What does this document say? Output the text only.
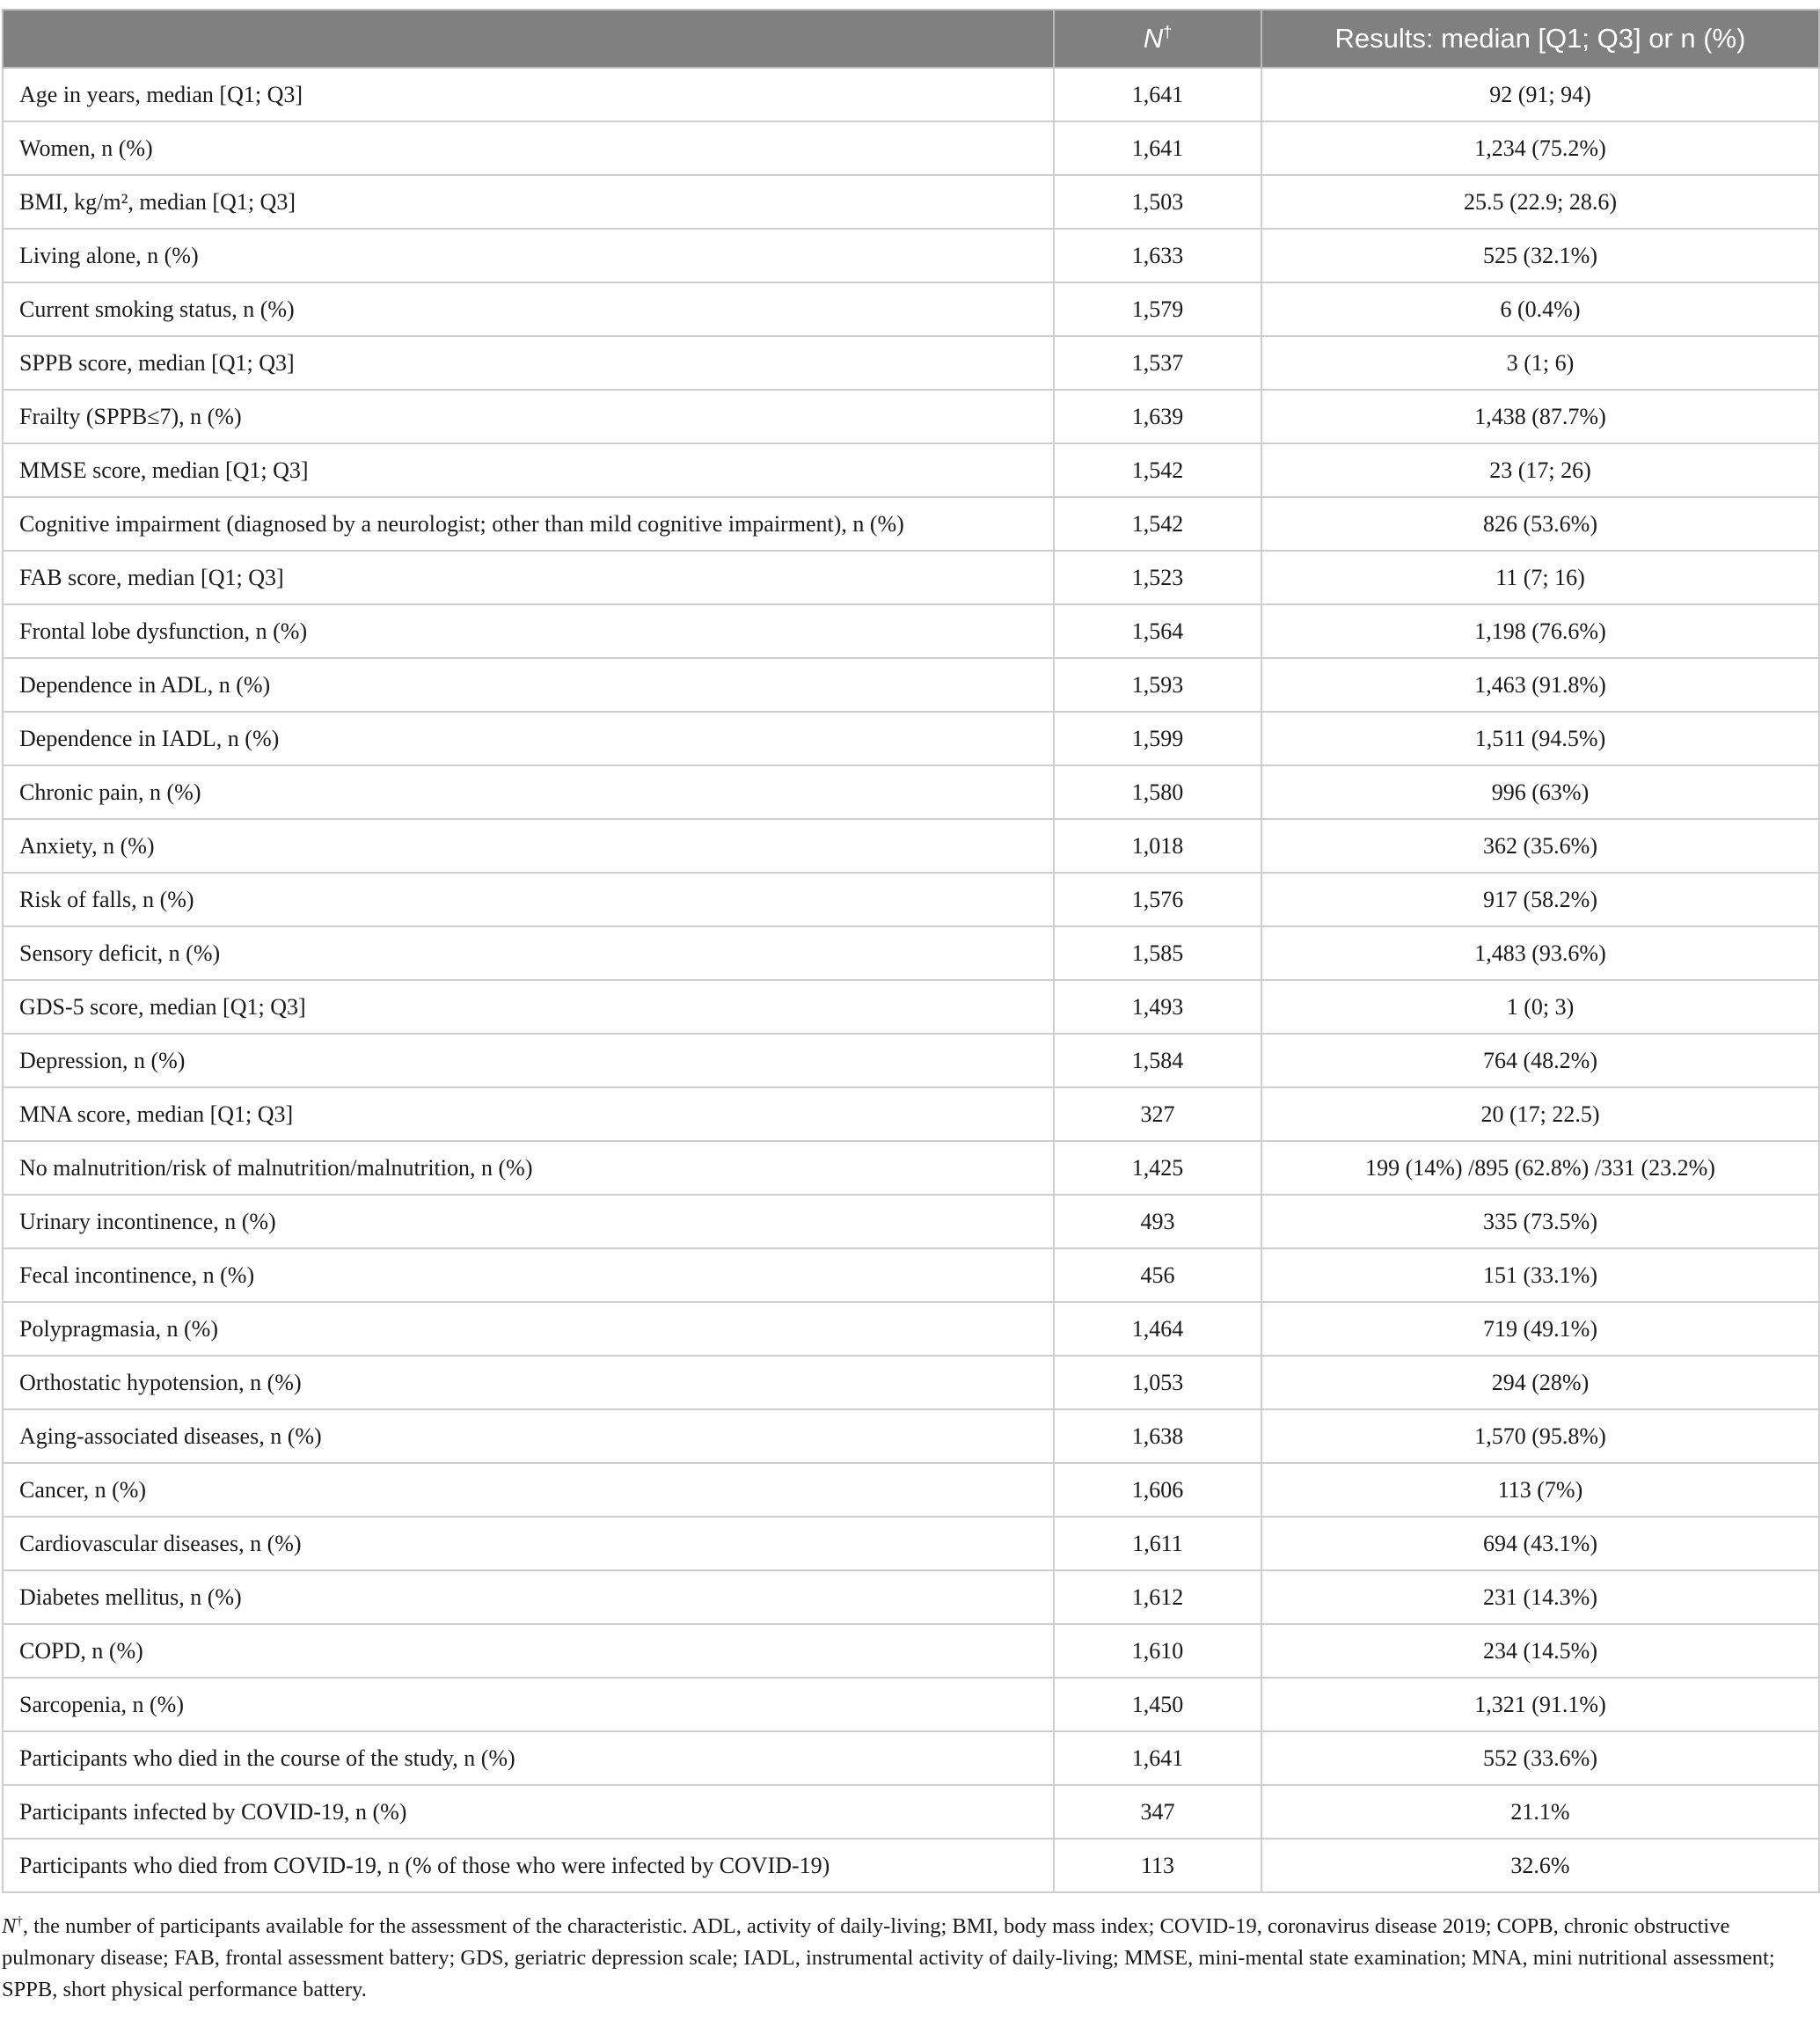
	N†	Results: median [Q1; Q3] or n (%)
Age in years, median [Q1; Q3]	1,641	92 (91; 94)
Women, n (%)	1,641	1,234 (75.2%)
BMI, kg/m², median [Q1; Q3]	1,503	25.5 (22.9; 28.6)
Living alone, n (%)	1,633	525 (32.1%)
Current smoking status, n (%)	1,579	6 (0.4%)
SPPB score, median [Q1; Q3]	1,537	3 (1; 6)
Frailty (SPPB≤7), n (%)	1,639	1,438 (87.7%)
MMSE score, median [Q1; Q3]	1,542	23 (17; 26)
Cognitive impairment (diagnosed by a neurologist; other than mild cognitive impairment), n (%)	1,542	826 (53.6%)
FAB score, median [Q1; Q3]	1,523	11 (7; 16)
Frontal lobe dysfunction, n (%)	1,564	1,198 (76.6%)
Dependence in ADL, n (%)	1,593	1,463 (91.8%)
Dependence in IADL, n (%)	1,599	1,511 (94.5%)
Chronic pain, n (%)	1,580	996 (63%)
Anxiety, n (%)	1,018	362 (35.6%)
Risk of falls, n (%)	1,576	917 (58.2%)
Sensory deficit, n (%)	1,585	1,483 (93.6%)
GDS-5 score, median [Q1; Q3]	1,493	1 (0; 3)
Depression, n (%)	1,584	764 (48.2%)
MNA score, median [Q1; Q3]	327	20 (17; 22.5)
No malnutrition/risk of malnutrition/malnutrition, n (%)	1,425	199 (14%) /895 (62.8%) /331 (23.2%)
Urinary incontinence, n (%)	493	335 (73.5%)
Fecal incontinence, n (%)	456	151 (33.1%)
Polypragmasia, n (%)	1,464	719 (49.1%)
Orthostatic hypotension, n (%)	1,053	294 (28%)
Aging-associated diseases, n (%)	1,638	1,570 (95.8%)
Cancer, n (%)	1,606	113 (7%)
Cardiovascular diseases, n (%)	1,611	694 (43.1%)
Diabetes mellitus, n (%)	1,612	231 (14.3%)
COPD, n (%)	1,610	234 (14.5%)
Sarcopenia, n (%)	1,450	1,321 (91.1%)
Participants who died in the course of the study, n (%)	1,641	552 (33.6%)
Participants infected by COVID-19, n (%)	347	21.1%
Participants who died from COVID-19, n (% of those who were infected by COVID-19)	113	32.6%
N†, the number of participants available for the assessment of the characteristic. ADL, activity of daily-living; BMI, body mass index; COVID-19, coronavirus disease 2019; COPB, chronic obstructive pulmonary disease; FAB, frontal assessment battery; GDS, geriatric depression scale; IADL, instrumental activity of daily-living; MMSE, mini-mental state examination; MNA, mini nutritional assessment; SPPB, short physical performance battery.
